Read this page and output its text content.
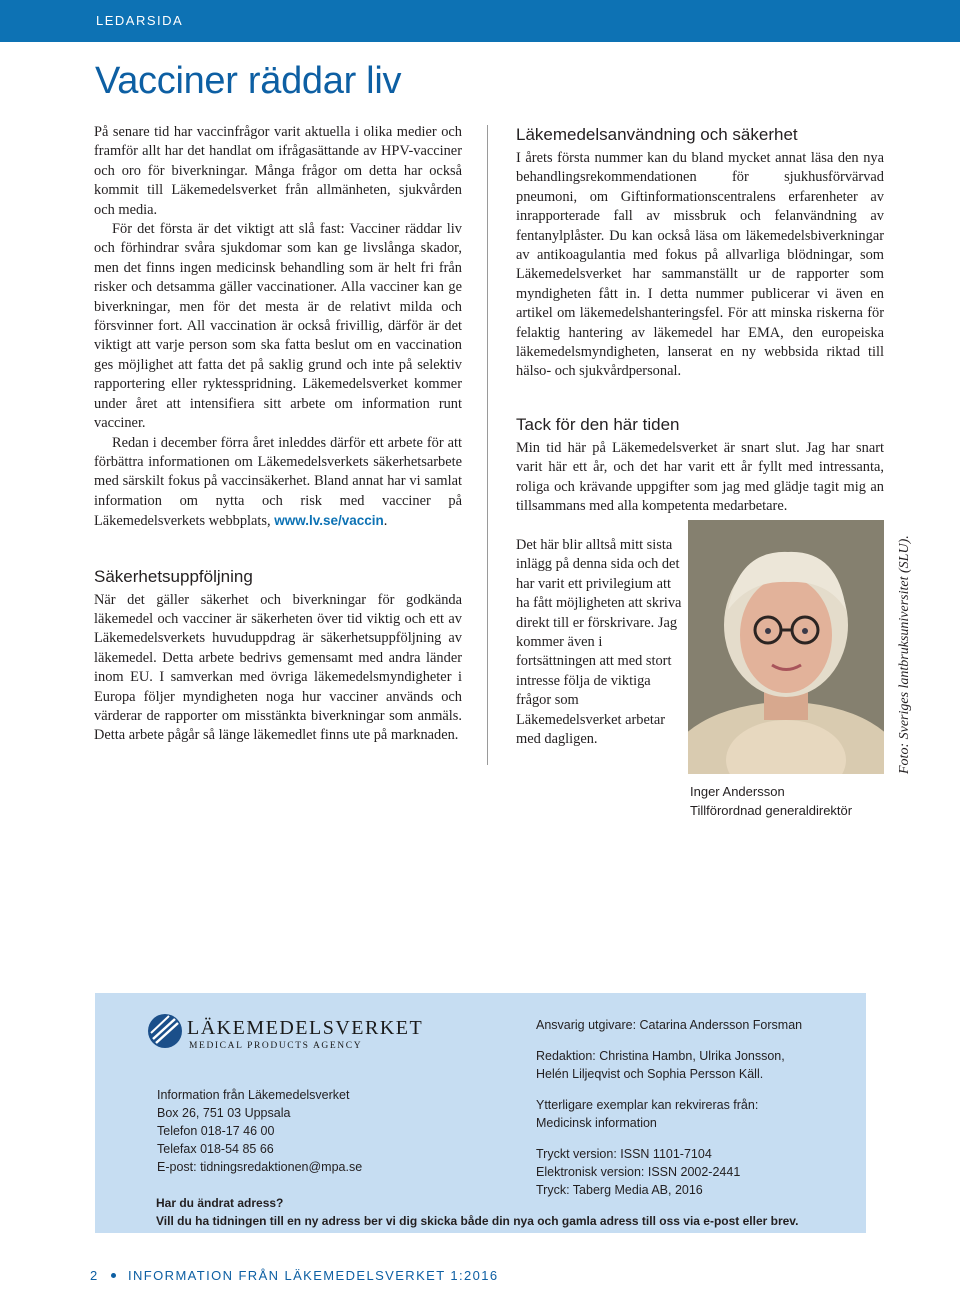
LEDARSIDA
Vacciner räddar liv

På senare tid har vaccinfrågor varit aktuella i olika medier och framför allt har det handlat om ifrågasättande av HPV-vacciner och oro för biverkningar. Många frågor om detta har också kommit till Läkemedelsverket från allmänheten, sjukvården och media.

För det första är det viktigt att slå fast: Vacciner räddar liv och förhindrar svåra sjukdomar som kan ge livslånga skador, men det finns ingen medicinsk behandling som är helt fri från risker och detsamma gäller vaccinationer. Alla vacciner kan ge biverkningar, men för det mesta är de relativt milda och försvinner fort. All vaccination är också frivillig, därför är det viktigt att varje person som ska fatta beslut om en vaccination ges möjlighet att fatta det på saklig grund och inte på selektiv rapportering eller ryktesspridning. Läkemedelsverket kommer under året att intensifiera sitt arbete om information runt vacciner.

Redan i december förra året inleddes därför ett arbete för att förbättra informationen om Läkemedelsverkets säkerhetsarbete med särskilt fokus på vaccinsäkerhet. Bland annat har vi samlat information om nytta och risk med vacciner på Läkemedelsverkets webbplats, www.lv.se/vaccin.

Säkerhetsuppföljning

När det gäller säkerhet och biverkningar för godkända läkemedel och vacciner är säkerheten över tid viktig och ett av Läkemedelsverkets huvuduppdrag är säkerhetsuppföljning av läkemedel. Detta arbete bedrivs gemensamt med andra länder inom EU. I samverkan med övriga läkemedelsmyndigheter i Europa följer myndigheten noga hur vacciner används och värderar de rapporter om misstänkta biverkningar som anmäls. Detta arbete pågår så länge läkemedlet finns ute på marknaden.

Läkemedelsanvändning och säkerhet

I årets första nummer kan du bland mycket annat läsa den nya behandlingsrekommendationen för sjukhusförvärvad pneumoni, om Giftinformationscentralens erfarenheter av inrapporterade fall av missbruk och felanvändning av fentanylplåster. Du kan också läsa om läkemedelsbiverkningar av antikoagulantia med fokus på allvarliga blödningar, som Läkemedelsverket har sammanställt ur de rapporter som myndigheten fått in. I detta nummer publicerar vi även en artikel om läkemedelshanteringsfel. För att minska riskerna för felaktig hantering av läkemedel har EMA, den europeiska läkemedelsmyndigheten, lanserat en ny webbsida riktad till hälso- och sjukvårdpersonal.

Tack för den här tiden

Min tid här på Läkemedelsverket är snart slut. Jag har snart varit här ett år, och det har varit ett år fyllt med intressanta, roliga och krävande uppgifter som jag med glädje tagit mig an tillsammans med alla kompetenta medarbetare.

Det här blir alltså mitt sista inlägg på denna sida och det har varit ett privilegium att ha fått möjligheten att skriva direkt till er förskrivare. Jag kommer även i fortsättningen att med stort intresse följa de viktiga frågor som Läkemedelsverket arbetar med dagligen.	Foto: Sveriges lantbruksuniversitet (SLU).
Inger Andersson
Tillförordnad generaldirektör
LÄKEMEDELSVERKET
MEDICAL PRODUCTS AGENCY
Information från Läkemedelsverket
Box 26, 751 03 Uppsala
Telefon 018-17 46 00
Telefax 018-54 85 66
E-post: tidningsredaktionen@mpa.se
Ansvarig utgivare: Catarina Andersson Forsman
Redaktion: Christina Hambn, Ulrika Jonsson,
Helén Liljeqvist och Sophia Persson Käll.
Ytterligare exemplar kan rekvireras från:
Medicinsk information
Tryckt version: ISSN 1101-7104
Elektronisk version: ISSN 2002-2441
Tryck: Taberg Media AB, 2016
Har du ändrat adress?
Vill du ha tidningen till en ny adress ber vi dig skicka både din nya och gamla adress till oss via e-post eller brev.
2 INFORMATION FRÅN LÄKEMEDELSVERKET 1:2016
